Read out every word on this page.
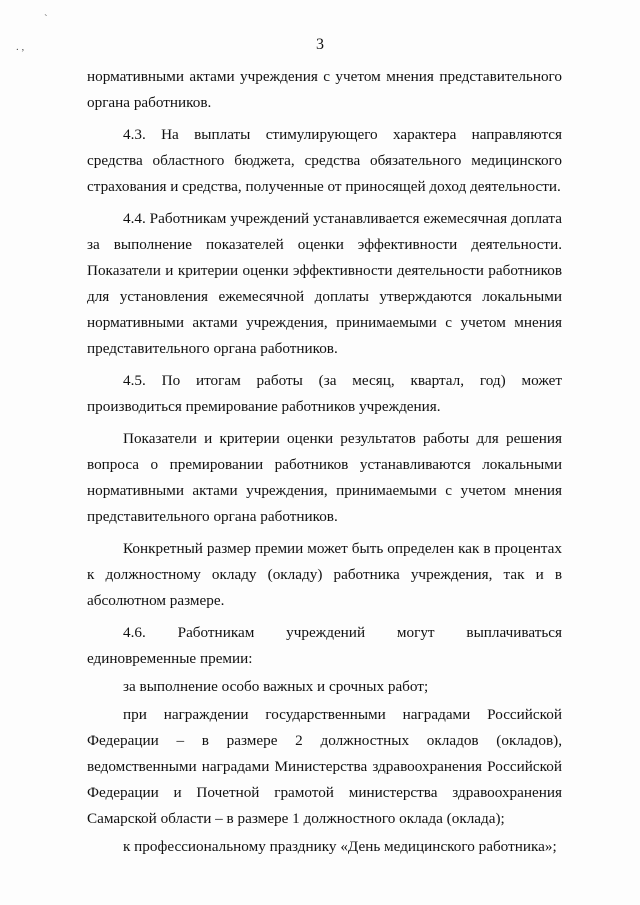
`
. ,	3

нормативными актами учреждения с учетом мнения представительного органа работников.

4.3. На выплаты стимулирующего характера направляются средства областного бюджета, средства обязательного медицинского страхования и средства, полученные от приносящей доход деятельности.

4.4. Работникам учреждений устанавливается ежемесячная доплата за выполнение показателей оценки эффективности деятельности. Показатели и критерии оценки эффективности деятельности работников для установления ежемесячной доплаты утверждаются локальными нормативными актами учреждения, принимаемыми с учетом мнения представительного органа работников.

4.5. По итогам работы (за месяц, квартал, год) может производиться премирование работников учреждения.

Показатели и критерии оценки результатов работы для решения вопроса о премировании работников устанавливаются локальными нормативными актами учреждения, принимаемыми с учетом мнения представительного органа работников.

Конкретный размер премии может быть определен как в процентах к должностному окладу (окладу) работника учреждения, так и в абсолютном размере.

4.6. Работникам учреждений могут выплачиваться единовременные премии:

за выполнение особо важных и срочных работ;

при награждении государственными наградами Российской Федерации – в размере 2 должностных окладов (окладов), ведомственными наградами Министерства здравоохранения Российской Федерации и Почетной грамотой министерства здравоохранения Самарской области – в размере 1 должностного оклада (оклада);

к профессиональному празднику «День медицинского работника»;
